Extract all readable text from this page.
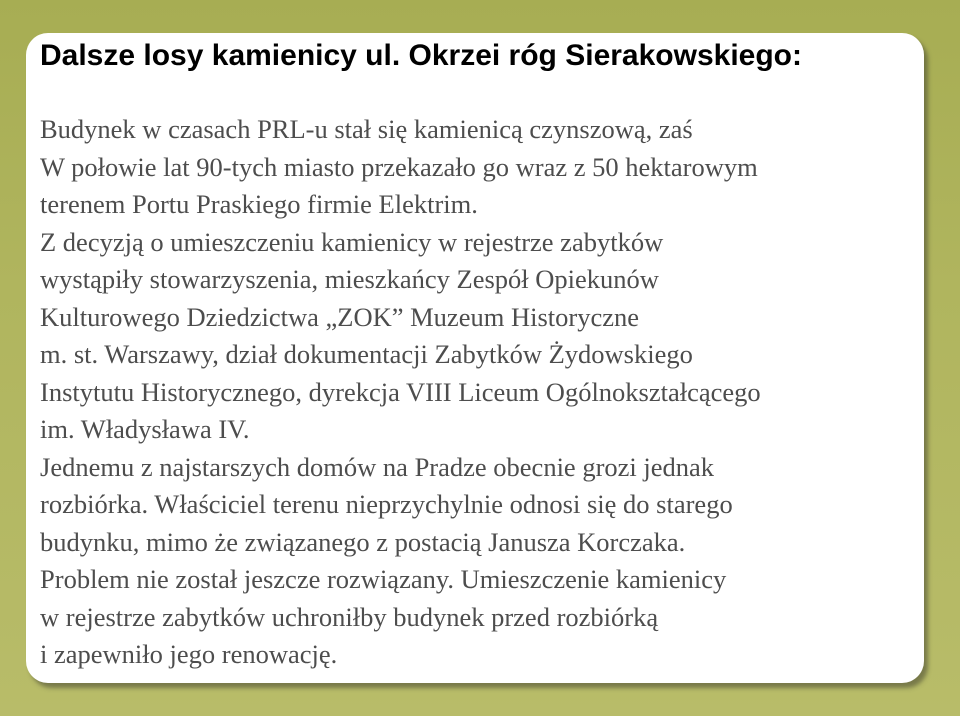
Dalsze losy kamienicy ul. Okrzei róg Sierakowskiego:
Budynek w czasach PRL-u stał się kamienicą czynszową, zaś
W połowie lat 90-tych miasto przekazało go wraz z 50 hektarowym
terenem Portu Praskiego firmie Elektrim.
Z decyzją o umieszczeniu kamienicy w rejestrze zabytków
wystąpiły stowarzyszenia, mieszkańcy Zespół Opiekunów
Kulturowego Dziedzictwa „ZOK” Muzeum Historyczne
m. st. Warszawy, dział dokumentacji Zabytków Żydowskiego
Instytutu Historycznego, dyrekcja VIII Liceum Ogólnokształcącego
im. Władysława IV.
Jednemu z najstarszych domów na Pradze obecnie grozi jednak
rozbiórka. Właściciel terenu nieprzychylnie odnosi się do starego
budynku, mimo że związanego z postacią Janusza Korczaka.
Problem nie został jeszcze rozwiązany. Umieszczenie kamienicy
w rejestrze zabytków uchroniłby budynek przed rozbiórką
i zapewniło jego renowację.
